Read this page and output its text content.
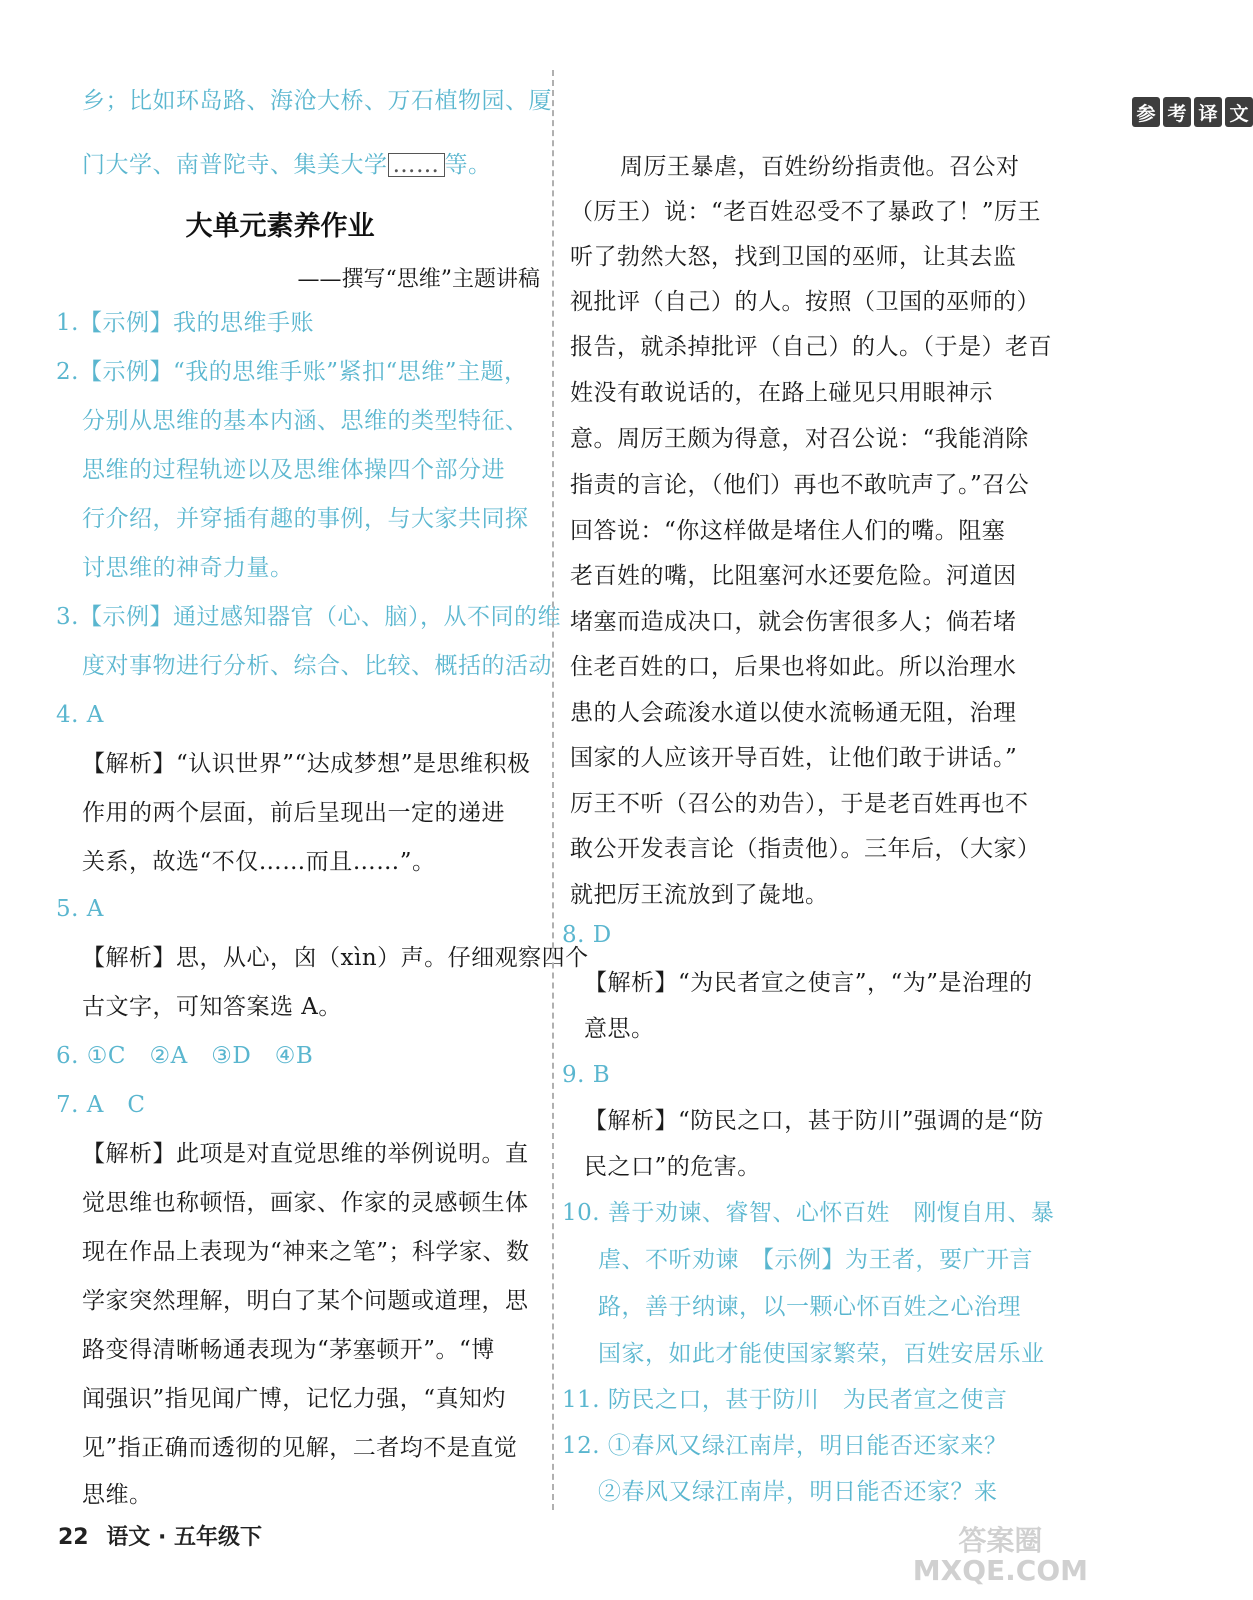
乡；比如环岛路、海沧大桥、万石植物园、厦
门大学、南普陀寺、集美大学 …… 等。
大单元素养作业
——撰写“思维”主题讲稿
1.【示例】我的思维手账
2.【示例】“我的思维手账”紧扣“思维”主题，
分别从思维的基本内涵、思维的类型特征、
思维的过程轨迹以及思维体操四个部分进
行介绍，并穿插有趣的事例，与大家共同探
讨思维的神奇力量。
3.【示例】通过感知器官（心、脑），从不同的维
度对事物进行分析、综合、比较、概括的活动
4. A
【解析】“认识世界”“达成梦想”是思维积极
作用的两个层面，前后呈现出一定的递进
关系，故选“不仅……而且……”。
5. A
【解析】思，从心，囟（xìn）声。仔细观察四个
古文字，可知答案选 A。
6. ①C　②A　③D　④B
7. A　C
【解析】此项是对直觉思维的举例说明。直
觉思维也称顿悟，画家、作家的灵感顿生体
现在作品上表现为“神来之笔”；科学家、数
学家突然理解，明白了某个问题或道理，思
路变得清晰畅通表现为“茅塞顿开”。“博
闻强识”指见闻广博，记忆力强，“真知灼
见”指正确而透彻的见解，二者均不是直觉
思维。
参 考 译 文
周厉王暴虐，百姓纷纷指责他。召公对
（厉王）说：“老百姓忍受不了暴政了！”厉王
听了勃然大怒，找到卫国的巫师，让其去监
视批评（自己）的人。按照（卫国的巫师的）
报告，就杀掉批评（自己）的人。（于是）老百
姓没有敢说话的，在路上碰见只用眼神示
意。周厉王颇为得意，对召公说：“我能消除
指责的言论，（他们）再也不敢吭声了。”召公
回答说：“你这样做是堵住人们的嘴。阻塞
老百姓的嘴，比阻塞河水还要危险。河道因
堵塞而造成决口，就会伤害很多人；倘若堵
住老百姓的口，后果也将如此。所以治理水
患的人会疏浚水道以使水流畅通无阻，治理
国家的人应该开导百姓，让他们敢于讲话。”
厉王不听（召公的劝告），于是老百姓再也不
敢公开发表言论（指责他）。三年后，（大家）
就把厉王流放到了彘地。
8. D
【解析】“为民者宣之使言”，“为”是治理的
意思。
9. B
【解析】“防民之口，甚于防川”强调的是“防
民之口”的危害。
10. 善于劝谏、睿智、心怀百姓　刚愎自用、暴
虐、不听劝谏　【示例】为王者，要广开言
路，善于纳谏，以一颗心怀百姓之心治理
国家，如此才能使国家繁荣，百姓安居乐业
11. 防民之口，甚于防川　为民者宣之使言
12. ①春风又绿江南岸，明日能否还家来？
②春风又绿江南岸，明日能否还家？来
22 语文 · 五年级下	答案圈
MXQE.COM
